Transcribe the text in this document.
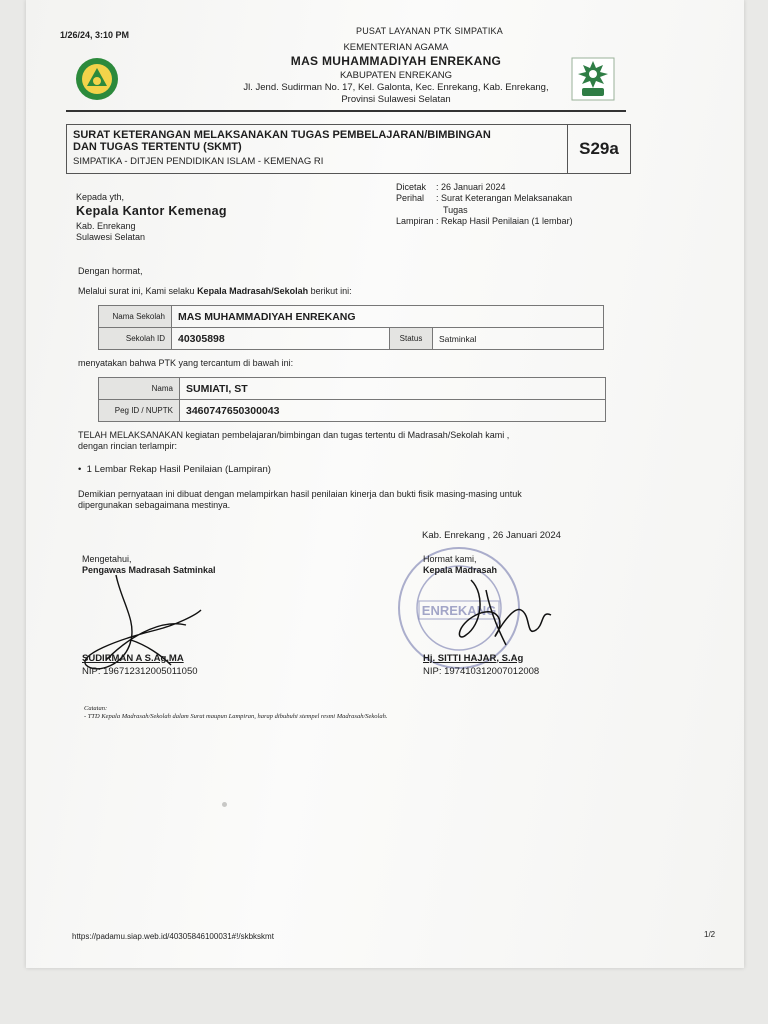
1/26/24, 3:10 PM	PUSAT LAYANAN PTK SIMPATIKA
KEMENTERIAN AGAMA
MAS MUHAMMADIYAH ENREKANG
KABUPATEN ENREKANG
Jl. Jend. Sudirman No. 17, Kel. Galonta, Kec. Enrekang, Kab. Enrekang,
Provinsi Sulawesi Selatan
SURAT KETERANGAN MELAKSANAKAN TUGAS PEMBELAJARAN/BIMBINGAN
DAN TUGAS TERTENTU (SKMT)
SIMPATIKA - DITJEN PENDIDIKAN ISLAM - KEMENAG RI
S29a
Kepada yth,
Kepala Kantor Kemenag
Kab. Enrekang
Sulawesi Selatan
Dicetak	: 26 Januari 2024
Perihal	: Surat Keterangan Melaksanakan
Tugas
Lampiran : Rekap Hasil Penilaian (1 lembar)
Dengan hormat,
Melalui surat ini, Kami selaku Kepala Madrasah/Sekolah berikut ini:
Nama Sekolah	MAS MUHAMMADIYAH ENREKANG		
Sekolah ID	40305898	Status	Satminkal
menyatakan bahwa PTK yang tercantum di bawah ini:
Nama	SUMIATI, ST
Peg ID / NUPTK	3460747650300043
TELAH MELAKSANAKAN kegiatan pembelajaran/bimbingan dan tugas tertentu di Madrasah/Sekolah kami ,
dengan rincian terlampir:
•  1 Lembar Rekap Hasil Penilaian (Lampiran)
Demikian pernyataan ini dibuat dengan melampirkan hasil penilaian kinerja dan bukti fisik masing-masing untuk
dipergunakan sebagaimana mestinya.
Kab. Enrekang , 26 Januari 2024
ENREKANG
Mengetahui,
Pengawas Madrasah Satminkal
SUDIRMAN A S.Ag,MA
NIP: 196712312005011050
Hormat kami,
Kepala Madrasah
Hj. SITTI HAJAR, S.Ag
NIP: 197410312007012008
Catatan:
- TTD Kepala Madrasah/Sekolah dalam Surat maupun Lampiran, harap dibubuhi stempel resmi Madrasah/Sekolah.
https://padamu.siap.web.id/40305846100031#!/skbkskmt	1/2
